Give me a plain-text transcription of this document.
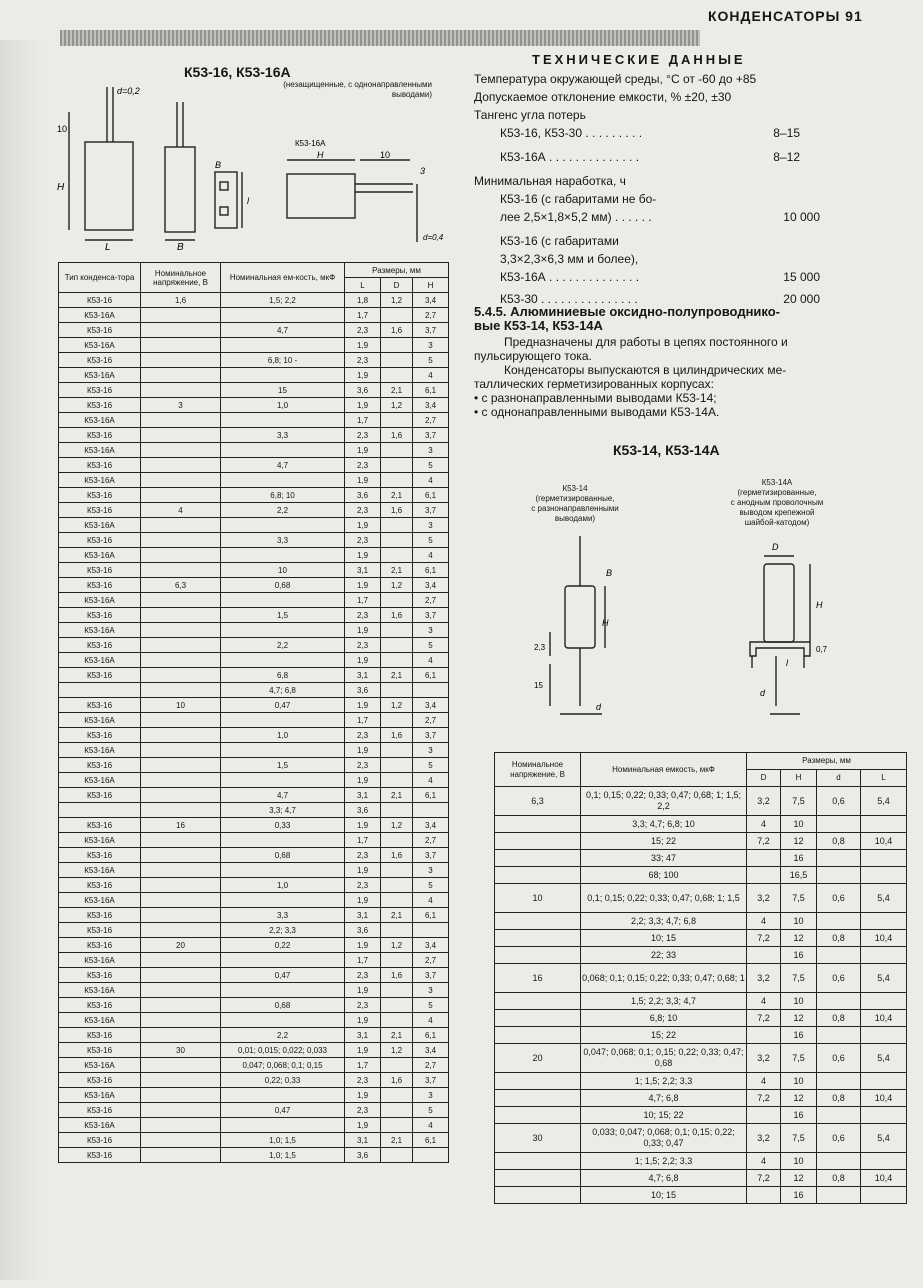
КОНДЕНСАТОРЫ 91
К53-16, К53-16А
(незащищенные, с однонаправленными
выводами)
d=0,2
10
H
L	B
B
К53-16А
H	10
3
d=0,4
l
Тип конденса-тора	Номинальное напряжение, В	Номинальная ем-кость, мкФ	Размеры, мм			
			L	D	H	
К53-16	1,6	1,5; 2,2	1,8	1,2	3,4	
К53-16А			1,7		2,7	
К53-16		4,7	2,3	1,6	3,7	
К53-16А			1,9		3	
К53-16		6,8; 10 -	2,3		5	
К53-16А			1,9		4	
К53-16		15	3,6	2,1	6,1	
К53-16	3	1,0	1,9	1,2	3,4	
К53-16А			1,7		2,7	
К53-16		3,3	2,3	1,6	3,7	
К53-16А			1,9		3	
К53-16		4,7	2,3		5	
К53-16А			1,9		4	
К53-16		6,8; 10	3,6	2,1	6,1	
К53-16	4	2,2	2,3	1,6	3,7	
К53-16А			1,9		3	
К53-16		3,3	2,3		5	
К53-16А			1,9		4	
К53-16		10	3,1	2,1	6,1	
К53-16	6,3	0,68	1,9	1,2	3,4	
К53-16А			1,7		2,7	
К53-16		1,5	2,3	1,6	3,7	
К53-16А			1,9		3	
К53-16		2,2	2,3		5	
К53-16А			1,9		4	
К53-16		6,8	3,1	2,1	6,1	
		4,7; 6,8	3,6			
К53-16	10	0,47	1,9	1,2	3,4	
К53-16А			1,7		2,7	
К53-16		1,0	2,3	1,6	3,7	
К53-16А			1,9		3	
К53-16		1,5	2,3		5	
К53-16А			1,9		4	
К53-16		4,7	3,1	2,1	6,1	
		3,3; 4,7	3,6			
К53-16	16	0,33	1,9	1,2	3,4	
К53-16А			1,7		2,7	
К53-16		0,68	2,3	1,6	3,7	
К53-16А			1,9		3	
К53-16		1,0	2,3		5	
К53-16А			1,9		4	
К53-16		3,3	3,1	2,1	6,1	
К53-16		2,2; 3,3	3,6			
К53-16	20	0,22	1,9	1,2	3,4	
К53-16А			1,7		2,7	
К53-16		0,47	2,3	1,6	3,7	
К53-16А			1,9		3	
К53-16		0,68	2,3		5	
К53-16А			1,9		4	
К53-16		2,2	3,1	2,1	6,1	
К53-16	30	0,01; 0,015; 0,022; 0,033	1,9	1,2	3,4	
К53-16А		0,047; 0,068; 0,1; 0,15	1,7		2,7	
К53-16		0,22; 0,33	2,3	1,6	3,7	
К53-16А			1,9		3	
К53-16		0,47	2,3		5	
К53-16А			1,9		4	
К53-16		1,0; 1,5	3,1	2,1	6,1	
К53-16		1,0; 1,5	3,6			
ТЕХНИЧЕСКИЕ ДАННЫЕ
Температура окружающей среды, °С от -60 до +85
Допускаемое отклонение емкости, % ±20, ±30
Тангенс угла потерь
К53-16, К53-30 . . . . . . . . .	8–15
К53-16А . . . . . . . . . . . . . .	8–12
Минимальная наработка, ч
К53-16 (с габаритами не бо-
лее 2,5×1,8×5,2 мм) . . . . . .	10 000
К53-16 (с габаритами
3,3×2,3×6,3 мм и более),
К53-16А . . . . . . . . . . . . . .	15 000
К53-30 . . . . . . . . . . . . . . .	20 000
5.4.5. Алюминиевые оксидно-полупроводнико-
вые К53-14, К53-14А
Предназначены для работы в цепях постоянного и
пульсирующего тока.
Конденсаторы выпускаются в цилиндрических ме-
таллических герметизированных корпусах:
• с разнонаправленными выводами К53-14;
• с однонаправленными выводами К53-14А.
К53-14, К53-14А
К53-14
(герметизированные,
с разнонаправленными
выводами)
К53-14А
(герметизированные,
с анодным проволочным
выводом крепежной
шайбой-катодом)
B
H
2,3
15
d
D
H
0,7
l
d
Номинальное напряжение, В	Номинальная емкость, мкФ	Размеры, мм			
		D	H	d	L
6,3	0,1; 0,15; 0,22; 0,33; 0,47; 0,68; 1; 1,5; 2,2	3,2	7,5	0,6	5,4
	3,3; 4,7; 6,8; 10	4	10		
	15; 22	7,2	12	0,8	10,4
	33; 47		16		
	68; 100		16,5		
10	0,1; 0,15; 0,22; 0,33; 0,47; 0,68; 1; 1,5	3,2	7,5	0,6	5,4
	2,2; 3,3; 4,7; 6,8	4	10		
	10; 15	7,2	12	0,8	10,4
	22; 33		16		
16	0,068; 0,1; 0,15; 0,22; 0,33; 0,47; 0,68; 1	3,2	7,5	0,6	5,4
	1,5; 2,2; 3,3; 4,7	4	10		
	6,8; 10	7,2	12	0,8	10,4
	15; 22		16		
20	0,047; 0,068; 0,1; 0,15; 0,22; 0,33; 0,47; 0,68	3,2	7,5	0,6	5,4
	1; 1,5; 2,2; 3,3	4	10		
	4,7; 6,8	7,2	12	0,8	10,4
	10; 15; 22		16		
30	0,033; 0,047; 0,068; 0,1; 0,15; 0,22; 0,33; 0,47	3,2	7,5	0,6	5,4
	1; 1,5; 2,2; 3,3	4	10		
	4,7; 6,8	7,2	12	0,8	10,4
	10; 15		16		
